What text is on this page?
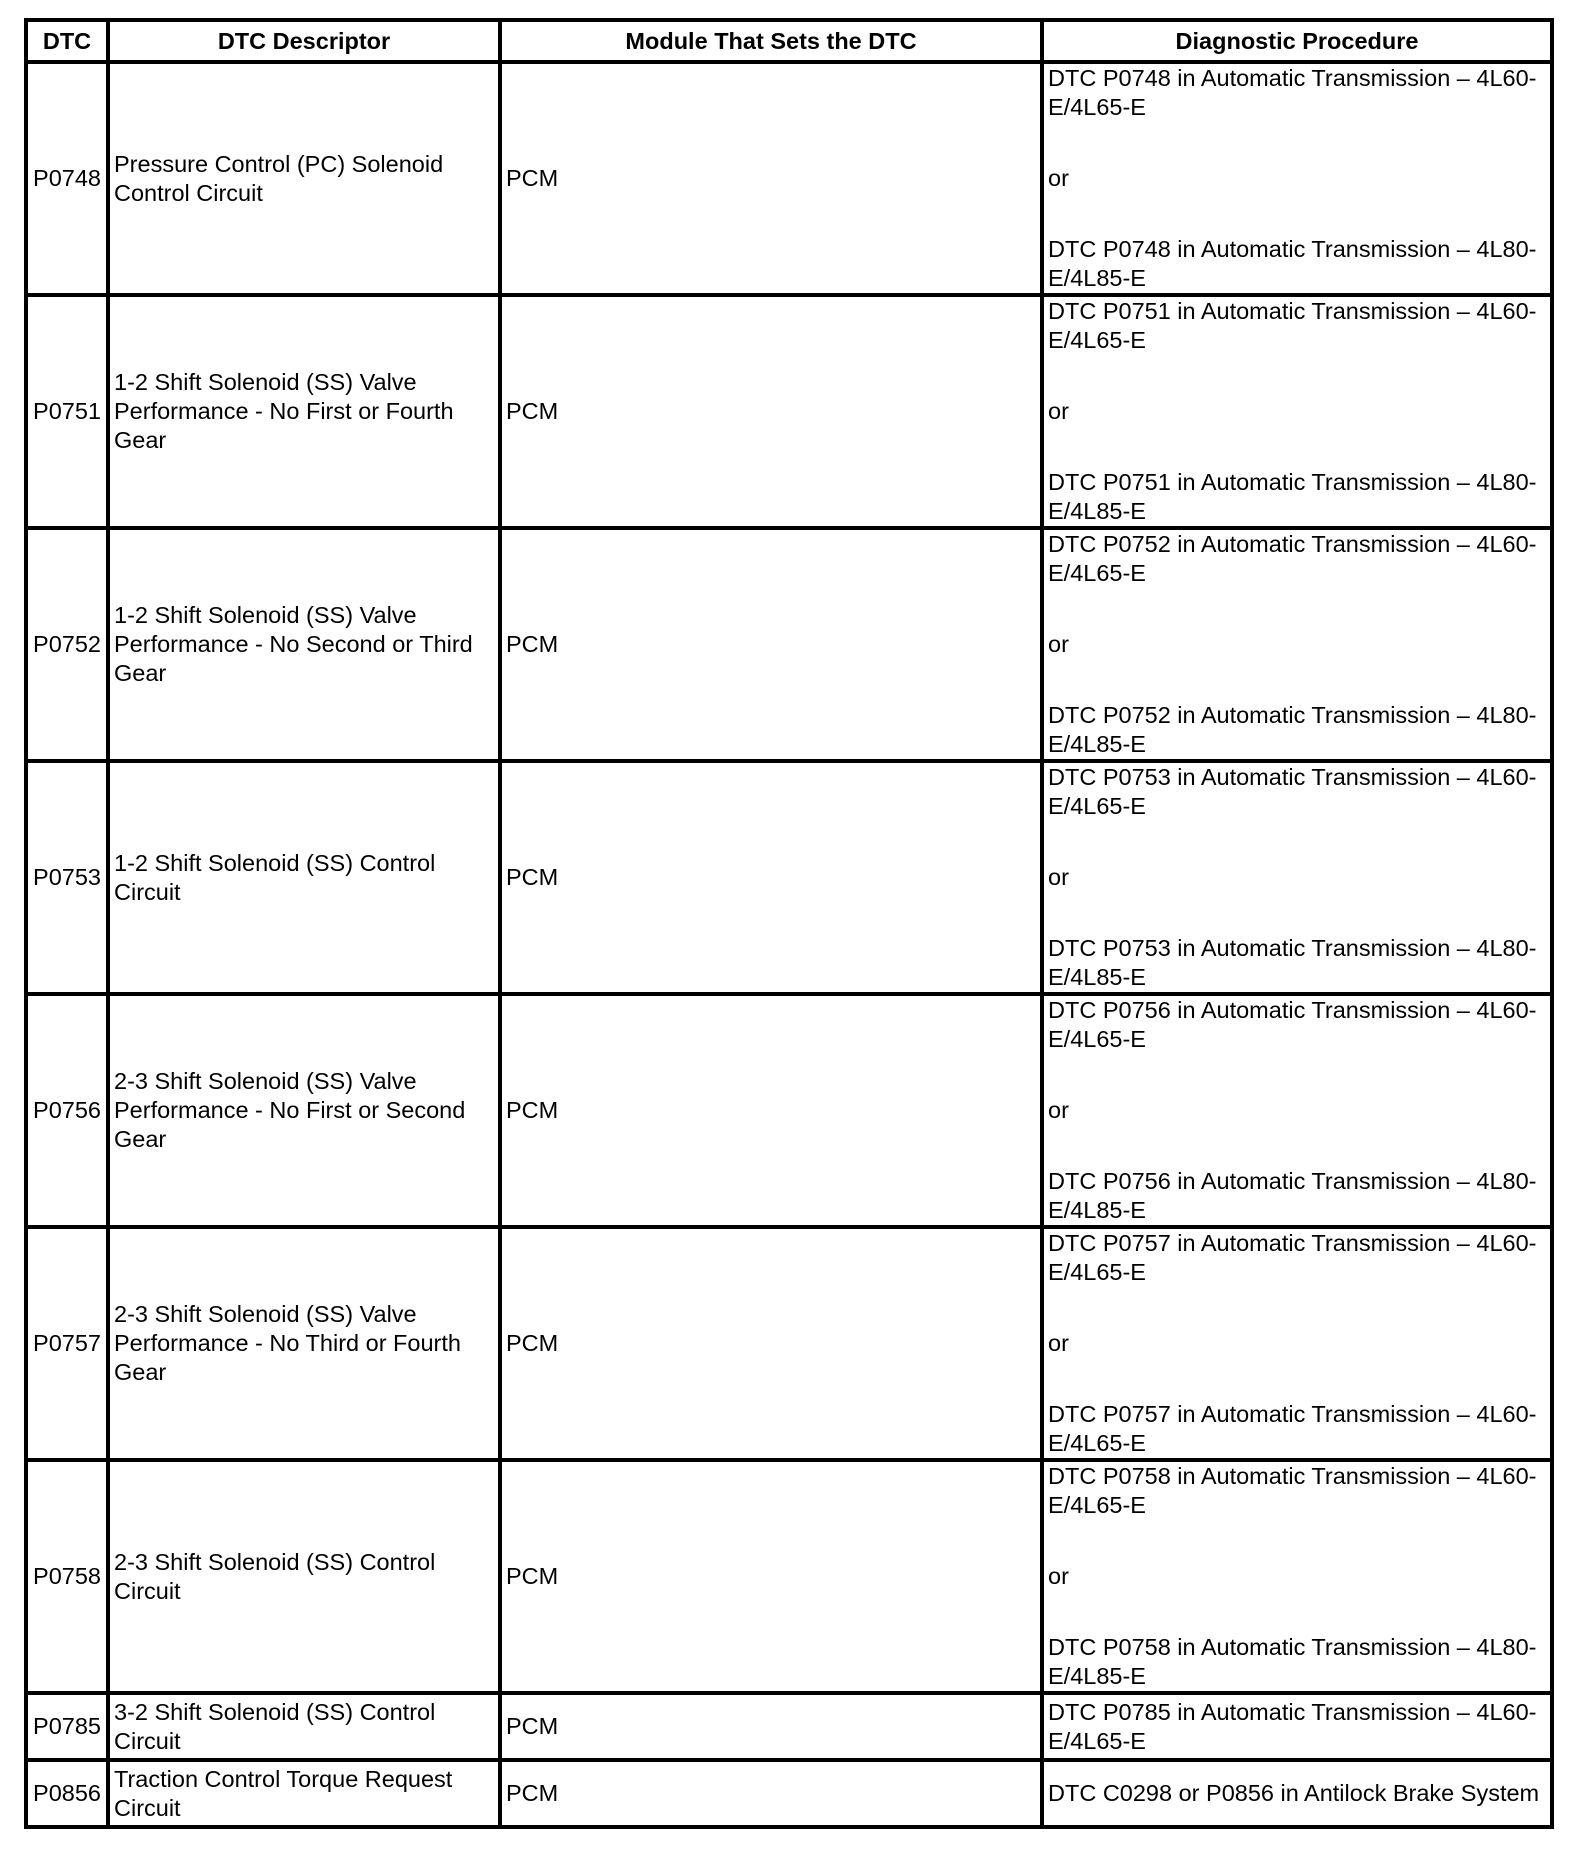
DTC	DTC Descriptor	Module That Sets the DTC	Diagnostic Procedure
P0748	Pressure Control (PC) Solenoid Control Circuit	PCM	DTC P0748 in Automatic Transmission – 4L60-E/4L65-E
or
DTC P0748 in Automatic Transmission – 4L80-E/4L85-E

P0751	1-2 Shift Solenoid (SS) Valve Performance - No First or Fourth Gear	PCM	DTC P0751 in Automatic Transmission – 4L60-E/4L65-E
or
DTC P0751 in Automatic Transmission – 4L80-E/4L85-E

P0752	1-2 Shift Solenoid (SS) Valve Performance - No Second or Third Gear	PCM	DTC P0752 in Automatic Transmission – 4L60-E/4L65-E
or
DTC P0752 in Automatic Transmission – 4L80-E/4L85-E

P0753	1-2 Shift Solenoid (SS) Control Circuit	PCM	DTC P0753 in Automatic Transmission – 4L60-E/4L65-E
or
DTC P0753 in Automatic Transmission – 4L80-E/4L85-E

P0756	2-3 Shift Solenoid (SS) Valve Performance - No First or Second Gear	PCM	DTC P0756 in Automatic Transmission – 4L60-E/4L65-E
or
DTC P0756 in Automatic Transmission – 4L80-E/4L85-E

P0757	2-3 Shift Solenoid (SS) Valve Performance - No Third or Fourth Gear	PCM	DTC P0757 in Automatic Transmission – 4L60-E/4L65-E
or
DTC P0757 in Automatic Transmission – 4L60-E/4L65-E

P0758	2-3 Shift Solenoid (SS) Control Circuit	PCM	DTC P0758 in Automatic Transmission – 4L60-E/4L65-E
or
DTC P0758 in Automatic Transmission – 4L80-E/4L85-E

P0785	3-2 Shift Solenoid (SS) Control Circuit	PCM	DTC P0785 in Automatic Transmission – 4L60-E/4L65-E

P0856	Traction Control Torque Request Circuit	PCM	DTC C0298 or P0856 in Antilock Brake System
